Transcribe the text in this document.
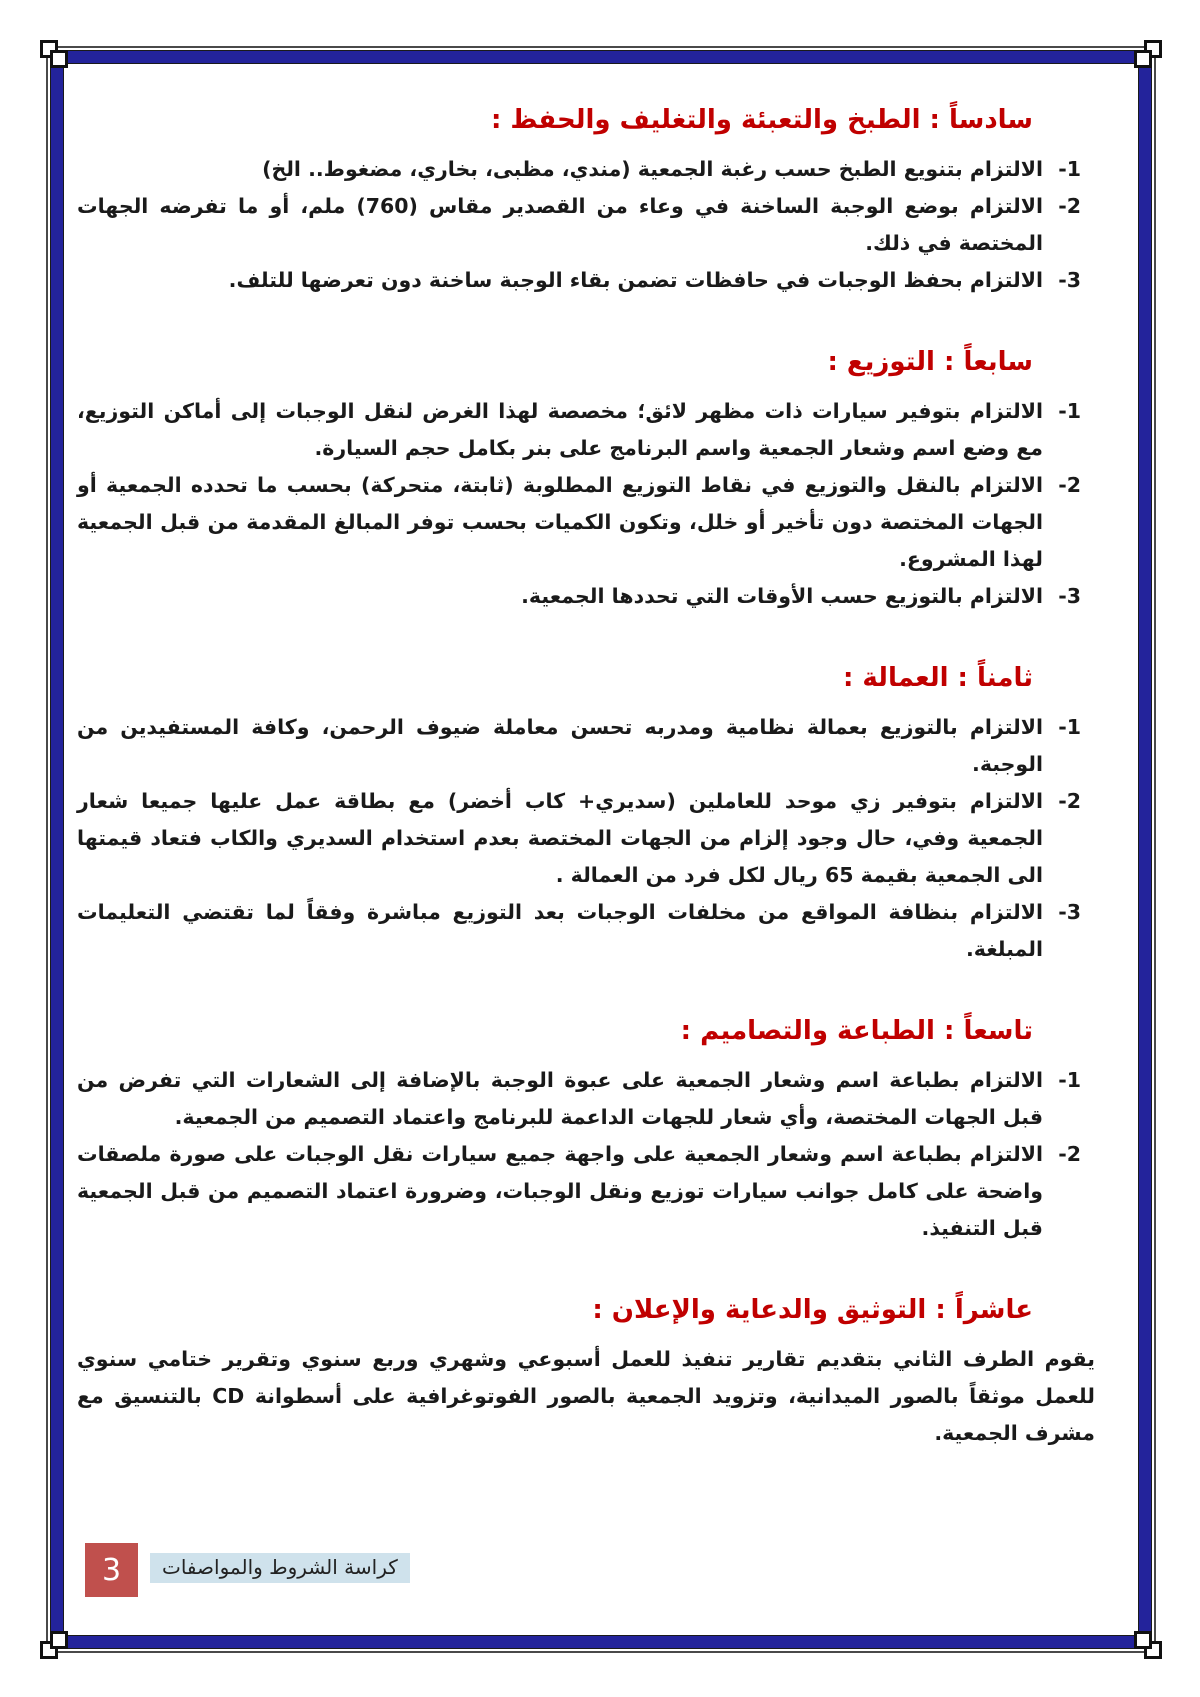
سادساً : الطبخ والتعبئة والتغليف والحفظ :
1-
الالتزام بتنويع الطبخ حسب رغبة الجمعية (مندي، مظبى، بخاري، مضغوط.. الخ)
2-
الالتزام بوضع الوجبة الساخنة في وعاء من القصدير مقاس (760) ملم، أو ما تفرضه الجهات المختصة في ذلك.
3-
الالتزام بحفظ الوجبات في حافظات تضمن بقاء الوجبة ساخنة دون تعرضها للتلف.
سابعاً : التوزيع :
1-
الالتزام بتوفير سيارات ذات مظهر لائق؛ مخصصة لهذا الغرض لنقل الوجبات إلى أماكن التوزيع، مع وضع اسم وشعار الجمعية واسم البرنامج على بنر بكامل حجم السيارة.
2-
الالتزام بالنقل والتوزيع في نقاط التوزيع المطلوبة (ثابتة، متحركة) بحسب ما تحدده الجمعية أو الجهات المختصة دون تأخير أو خلل، وتكون الكميات بحسب توفر المبالغ المقدمة من قبل الجمعية لهذا المشروع.
3-
الالتزام بالتوزيع حسب الأوقات التي تحددها الجمعية.
ثامناً : العمالة :
1-
الالتزام بالتوزيع بعمالة نظامية ومدربه تحسن معاملة ضيوف الرحمن، وكافة المستفيدين من الوجبة.
2-
الالتزام بتوفير زي موحد للعاملين (سديري+ كاب أخضر) مع بطاقة عمل عليها جميعا شعار الجمعية وفي، حال وجود إلزام من الجهات المختصة بعدم استخدام السديري والكاب فتعاد قيمتها الى الجمعية بقيمة 65 ريال لكل فرد من العمالة .
3-
الالتزام بنظافة المواقع من مخلفات الوجبات بعد التوزيع مباشرة وفقاً لما تقتضي التعليمات المبلغة.
تاسعاً : الطباعة والتصاميم :
1-
الالتزام بطباعة اسم وشعار الجمعية على عبوة الوجبة بالإضافة إلى الشعارات التي تفرض من قبل الجهات المختصة، وأي شعار للجهات الداعمة للبرنامج واعتماد التصميم من الجمعية.
2-
الالتزام بطباعة اسم وشعار الجمعية على واجهة جميع سيارات نقل الوجبات على صورة ملصقات واضحة على كامل جوانب سيارات توزيع ونقل الوجبات، وضرورة اعتماد التصميم من قبل الجمعية قبل التنفيذ.
عاشراً : التوثيق والدعاية والإعلان :

يقوم الطرف الثاني بتقديم تقارير تنفيذ للعمل أسبوعي وشهري وربع سنوي وتقرير ختامي سنوي للعمل موثقاً بالصور الميدانية، وتزويد الجمعية بالصور الفوتوغرافية على أسطوانة CD بالتنسيق مع مشرف الجمعية.

3	كراسة الشروط والمواصفات
